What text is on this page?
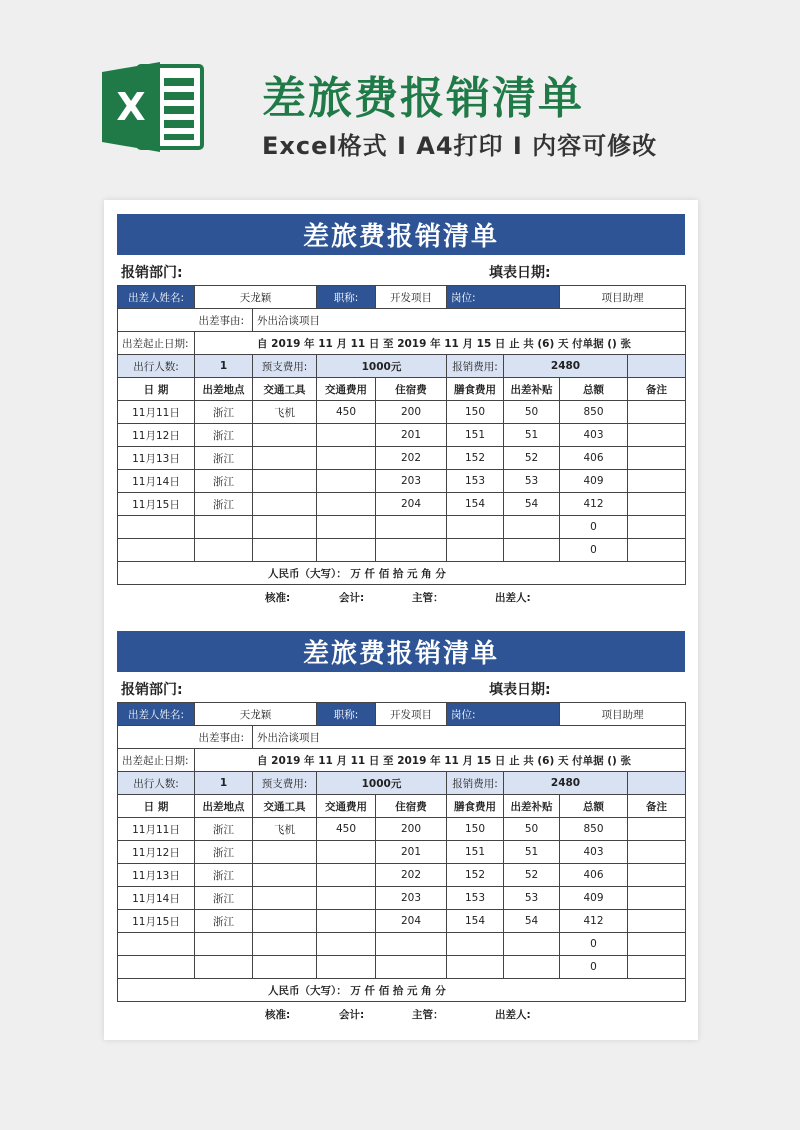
X	差旅费报销清单
Excel格式 I A4打印 I 内容可修改
差旅费报销清单
报销部门:	填表日期:
出差人姓名:	天龙颖		职称:	开发项目	岗位:		项目助理	
出差事由:		外出洽谈项目						
出差起止日期:	自 2019 年 11 月 11 日 至 2019 年 11 月 15 日 止 共 (6) 天 付单据 () 张							
出行人数:	1	预支费用:	1000元		报销费用:	2480		
日 期	出差地点	交通工具	交通费用	住宿费	膳食费用	出差补贴	总额	备注
11月11日	浙江	飞机	450	200	150	50	850	
11月12日	浙江			201	151	51	403	
11月13日	浙江			202	152	52	406	
11月14日	浙江			203	153	53	409	
11月15日	浙江			204	154	54	412	
							0	
							0	
人民币（大写）： 万 仟 佰 拾 元 角 分								
核准:	会计:	主管：	出差人:
差旅费报销清单
报销部门:	填表日期:
出差人姓名:	天龙颖		职称:	开发项目	岗位:		项目助理	
出差事由:		外出洽谈项目						
出差起止日期:	自 2019 年 11 月 11 日 至 2019 年 11 月 15 日 止 共 (6) 天 付单据 () 张							
出行人数:	1	预支费用:	1000元		报销费用:	2480		
日 期	出差地点	交通工具	交通费用	住宿费	膳食费用	出差补贴	总额	备注
11月11日	浙江	飞机	450	200	150	50	850	
11月12日	浙江			201	151	51	403	
11月13日	浙江			202	152	52	406	
11月14日	浙江			203	153	53	409	
11月15日	浙江			204	154	54	412	
							0	
							0	
人民币（大写）： 万 仟 佰 拾 元 角 分								
核准:	会计:	主管：	出差人:
